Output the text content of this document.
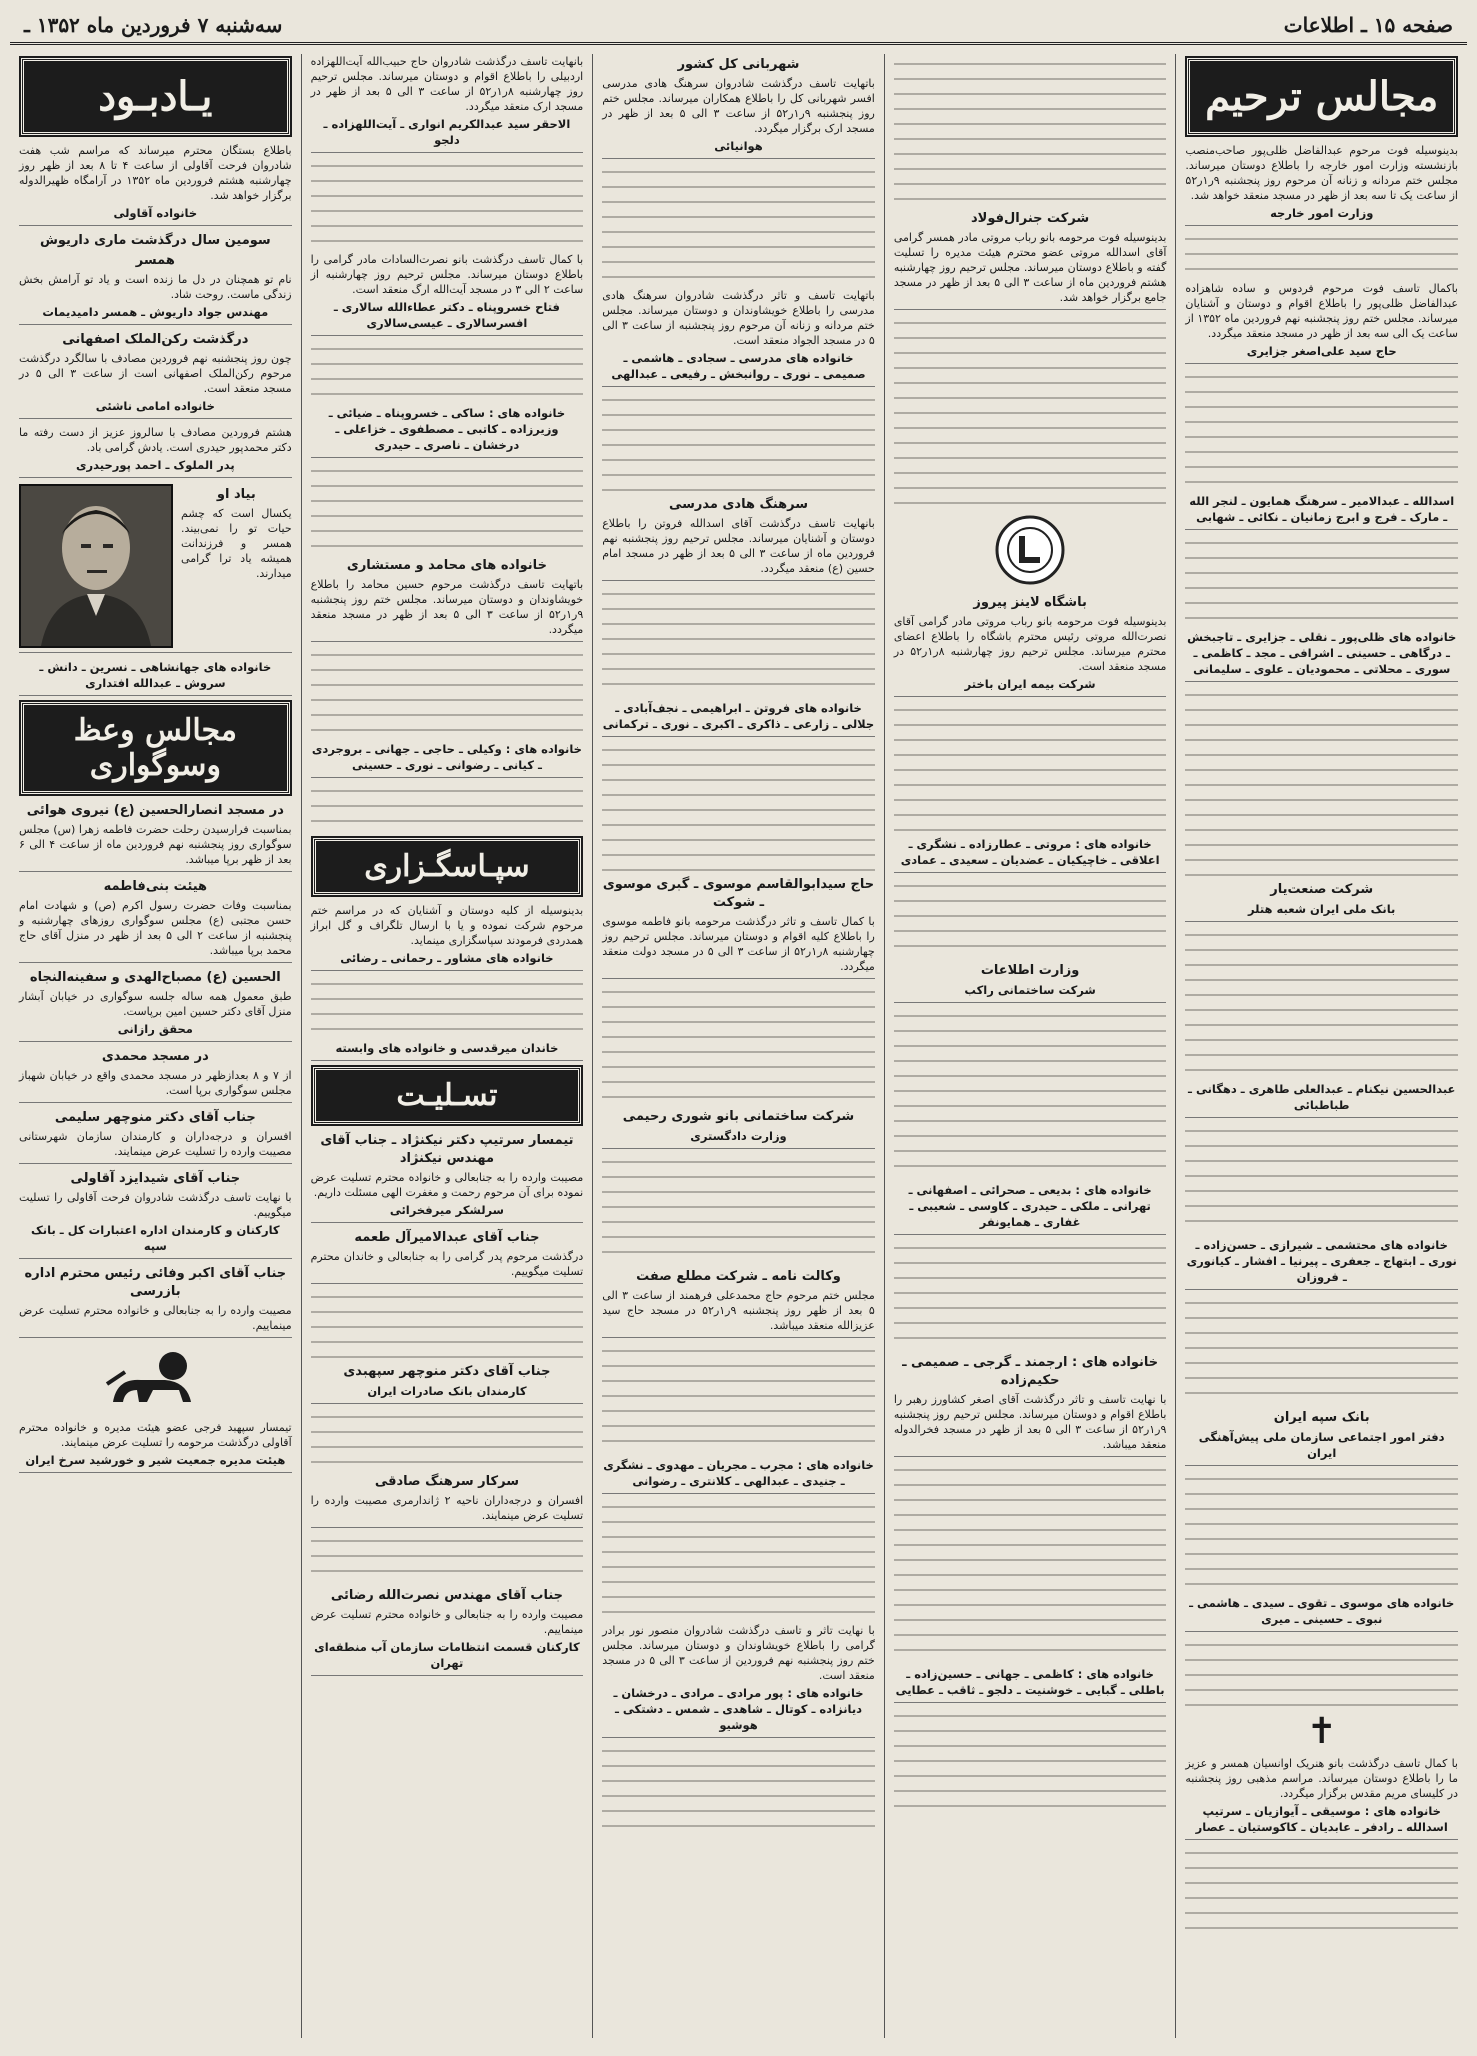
صفحه ۱۵ ـ اطلاعات
سه‌شنبه ۷ فروردین ماه ۱۳۵۲ ـ
مجالس ترحیم
بدینوسیله فوت مرحوم عبدالفاضل ظلی‌پور صاحب‌منصب بازنشسته وزارت امور خارجه را باطلاع دوستان میرساند. مجلس ختم مردانه و زنانه آن مرحوم روز پنجشنبه ۹ر۱ر۵۲ از ساعت یک تا سه بعد از ظهر در مسجد منعقد خواهد شد.
وزارت امور خارجه
باکمال تاسف فوت مرحوم فردوس و ساده شاهزاده عبدالفاضل ظلی‌پور را باطلاع اقوام و دوستان و آشنایان میرساند. مجلس ختم روز پنجشنبه نهم فروردین ماه ۱۳۵۲ از ساعت یک الی سه بعد از ظهر در مسجد منعقد میگردد.
حاج سید علی‌اصغر جزایری
اسدالله ـ عبدالامیر ـ سرهنگ همایون ـ لنجر الله ـ مارک ـ فرج و ابرج زمانیان ـ نکائی ـ شهابی
خانواده های ظلی‌پور ـ نقلی ـ جزایری ـ تاجبخش ـ درگاهی ـ حسینی ـ اشرافی ـ مجد ـ کاظمی ـ سوری ـ محلاتی ـ محمودیان ـ علوی ـ سلیمانی
شرکت صنعت‌یار
بانک ملی ایران شعبه هتلر
عبدالحسین نیکنام ـ عبدالعلی طاهری ـ دهگانی ـ طباطبائی
خانواده های محتشمی ـ شیرازی ـ حسن‌زاده ـ نوری ـ ابتهاج ـ جعفری ـ پیرنیا ـ افشار ـ کیانوری ـ فروزان
بانک سپه ایران
دفتر امور اجتماعی سازمان ملی پیش‌آهنگی ایران
خانواده های موسوی ـ تقوی ـ سیدی ـ هاشمی ـ نبوی ـ حسینی ـ میری
✝
با کمال تاسف درگذشت بانو هنریک اوانسیان همسر و عزیز ما را باطلاع دوستان میرساند. مراسم مذهبی روز پنجشنبه در کلیسای مریم مقدس برگزار میگردد.
خانواده های : موسیقی ـ آیوازیان ـ سرتیپ اسدالله ـ رادفر ـ عابدیان ـ کاکوستیان ـ عصار
شرکت جنرال‌فولاد
بدینوسیله فوت مرحومه بانو رباب مروتی مادر همسر گرامی آقای اسدالله مروتی عضو محترم هیئت مدیره را تسلیت گفته و باطلاع دوستان میرساند. مجلس ترحیم روز چهارشنبه هشتم فروردین ماه از ساعت ۳ الی ۵ بعد از ظهر در مسجد جامع برگزار خواهد شد.
باشگاه لاینز پیروز
بدینوسیله فوت مرحومه بانو رباب مروتی مادر گرامی آقای نصرت‌الله مروتی رئیس محترم باشگاه را باطلاع اعضای محترم میرساند. مجلس ترحیم روز چهارشنبه ۸ر۱ر۵۲ در مسجد منعقد است.
شرکت بیمه ایران باختر
خانواده های : مروتی ـ عطارزاده ـ نشگری ـ اعلاقی ـ خاچیکیان ـ عضدیان ـ سعیدی ـ عمادی
وزارت اطلاعات
شرکت ساختمانی راکب
خانواده های : بدیعی ـ صحرائی ـ اصفهانی ـ تهرانی ـ ملکی ـ حیدری ـ کاوسی ـ شعیبی ـ غفاری ـ همایونفر
خانواده های : ارجمند ـ گرجی ـ صمیمی ـ حکیم‌زاده
با نهایت تاسف و تاثر درگذشت آقای اصغر کشاورز رهبر را باطلاع اقوام و دوستان میرساند. مجلس ترحیم روز پنجشنبه ۹ر۱ر۵۲ از ساعت ۳ الی ۵ بعد از ظهر در مسجد فخرالدوله منعقد میباشد.
خانواده های : کاظمی ـ جهانی ـ حسین‌زاده ـ باطلی ـ گبایی ـ خوشنیت ـ دلجو ـ ثاقب ـ عطایی
شهربانی کل کشور
باتهایت تاسف درگذشت شادروان سرهنگ هادی مدرسی افسر شهربانی کل را باطلاع همکاران میرساند. مجلس ختم روز پنجشنبه ۹ر۱ر۵۲ از ساعت ۳ الی ۵ بعد از ظهر در مسجد ارک برگزار میگردد.
هوانیائی
باتهایت تاسف و تاثر درگذشت شادروان سرهنگ هادی مدرسی را باطلاع خویشاوندان و دوستان میرساند. مجلس ختم مردانه و زنانه آن مرحوم روز پنجشنبه از ساعت ۳ الی ۵ در مسجد الجواد منعقد است.
خانواده های مدرسی ـ سجادی ـ هاشمی ـ صمیمی ـ نوری ـ روانبخش ـ رفیعی ـ عبدالهی
سرهنگ هادی مدرسی
بانهایت تاسف درگذشت آقای اسدالله فروتن را باطلاع دوستان و آشنایان میرساند. مجلس ترحیم روز پنجشنبه نهم فروردین ماه از ساعت ۳ الی ۵ بعد از ظهر در مسجد امام حسین (ع) منعقد میگردد.
خانواده های فروتن ـ ابراهیمی ـ نجف‌آبادی ـ جلالی ـ زارعی ـ ذاکری ـ اکبری ـ نوری ـ ترکمانی
حاج سیدابوالقاسم موسوی ـ گبری موسوی ـ شوکت
با کمال تاسف و تاثر درگذشت مرحومه بانو فاطمه موسوی را باطلاع کلیه اقوام و دوستان میرساند. مجلس ترحیم روز چهارشنبه ۸ر۱ر۵۲ از ساعت ۳ الی ۵ در مسجد دولت منعقد میگردد.
شرکت ساختمانی بانو شوری رحیمی
وزارت دادگستری
وکالت نامه ـ شرکت مطلع صفت
مجلس ختم مرحوم حاج محمدعلی فرهمند از ساعت ۳ الی ۵ بعد از ظهر روز پنجشنبه ۹ر۱ر۵۲ در مسجد حاج سید عزیزالله منعقد میباشد.
خانواده های : مجرب ـ مجریان ـ مهدوی ـ نشگری ـ جنیدی ـ عبدالهی ـ کلانتری ـ رضوانی
با نهایت تاثر و تاسف درگذشت شادروان منصور نور برادر گرامی را باطلاع خویشاوندان و دوستان میرساند. مجلس ختم روز پنجشنبه نهم فروردین از ساعت ۳ الی ۵ در مسجد منعقد است.
خانواده های : پور مرادی ـ مرادی ـ درخشان ـ دیانزاده ـ کوتال ـ شاهدی ـ شمس ـ دشتکی ـ هوشیو
بانهایت تاسف درگذشت شادروان حاج حبیب‌الله آیت‌اللهزاده اردبیلی را باطلاع اقوام و دوستان میرساند. مجلس ترحیم روز چهارشنبه ۸ر۱ر۵۲ از ساعت ۳ الی ۵ بعد از ظهر در مسجد ارک منعقد میگردد.
الاحقر سید عبدالکریم انواری ـ آیت‌اللهزاده ـ دلجو
با کمال تاسف درگذشت بانو نصرت‌السادات مادر گرامی را باطلاع دوستان میرساند. مجلس ترحیم روز چهارشنبه از ساعت ۲ الی ۳ در مسجد آیت‌الله ارگ منعقد است.
فتاح خسروپناه ـ دکتر عطاءالله سالاری ـ افسرسالاری ـ عیسی‌سالاری
خانواده های : ساکی ـ خسروپناه ـ ضیائی ـ وزیرزاده ـ کاتبی ـ مصطفوی ـ خزاعلی ـ درخشان ـ ناصری ـ حیدری
خانواده های محامد و مستشاری
باتهایت تاسف درگذشت مرحوم حسین محامد را باطلاع خویشاوندان و دوستان میرساند. مجلس ختم روز پنجشنبه ۹ر۱ر۵۲ از ساعت ۳ الی ۵ بعد از ظهر در مسجد منعقد میگردد.
خانواده های : وکیلی ـ حاجی ـ جهانی ـ بروجردی ـ کیانی ـ رضوانی ـ نوری ـ حسینی
سپـاسگـزاری
بدینوسیله از کلیه دوستان و آشنایان که در مراسم ختم مرحوم شرکت نموده و یا با ارسال تلگراف و گل ابراز همدردی فرمودند سپاسگزاری مینماید.
خانواده های مشاور ـ رحمانی ـ رضائی
خاندان میرقدسی و خانواده های وابسته
تسـلیـت
تیمسار سرتیپ دکتر نیکنژاد ـ جناب آقای مهندس نیکنژاد
مصیبت وارده را به جنابعالی و خانواده محترم تسلیت عرض نموده برای آن مرحوم رحمت و مغفرت الهی مسئلت داریم.
سرلشکر میرفخرائی
جناب آقای عبدالامیرآل طعمه
درگذشت مرحوم پدر گرامی را به جنابعالی و خاندان محترم تسلیت میگوییم.
جناب آقای دکتر منوچهر سپهبدی
کارمندان بانک صادرات ایران
سرکار سرهنگ صادقی
افسران و درجه‌داران ناحیه ۲ ژاندارمری مصیبت وارده را تسلیت عرض مینمایند.
جناب آقای مهندس نصرت‌الله رضائی
مصیبت وارده را به جنابعالی و خانواده محترم تسلیت عرض مینماییم.
کارکنان قسمت انتظامات سازمان آب منطقه‌ای تهران
یـادبـود
باطلاع بستگان محترم میرساند که مراسم شب هفت شادروان فرحت آقاولی از ساعت ۴ تا ۸ بعد از ظهر روز چهارشنبه هشتم فروردین ماه ۱۳۵۲ در آرامگاه ظهیرالدوله برگزار خواهد شد.
خانواده آقاولی
سومین سال درگذشت ماری داریوش
همسر
نام تو همچنان در دل ما زنده است و یاد تو آرامش بخش زندگی ماست. روحت شاد.
مهندس جواد داریوش ـ همسر دامیدیمات
درگذشت رکن‌الملک اصفهانی
چون روز پنجشنبه نهم فروردین مصادف با سالگرد درگذشت مرحوم رکن‌الملک اصفهانی است از ساعت ۳ الی ۵ در مسجد منعقد است.
خانواده امامی ناشئی
هشتم فروردین مصادف با سالروز عزیز از دست رفته ما دکتر محمدپور حیدری است. یادش گرامی باد.
پدر الملوک ـ احمد پورحیدری
بیاد او
یکسال است که چشم حیات تو را نمی‌بیند. همسر و فرزندانت همیشه یاد ترا گرامی میدارند.
خانواده های جهانشاهی ـ نسرین ـ دانش ـ سروش ـ عبدالله افتداری
مجالس وعظ وسوگواری
در مسجد انصارالحسین (ع) نیروی هوائی
بمناسبت فرارسیدن رحلت حضرت فاطمه زهرا (س) مجلس سوگواری روز پنجشنبه نهم فروردین ماه از ساعت ۴ الی ۶ بعد از ظهر برپا میباشد.
هیئت بنی‌فاطمه
بمناسبت وفات حضرت رسول اکرم (ص) و شهادت امام حسن مجتبی (ع) مجلس سوگواری روزهای چهارشنبه و پنجشنبه از ساعت ۲ الی ۵ بعد از ظهر در منزل آقای حاج محمد برپا میباشد.
الحسین (ع) مصباح‌الهدی و سفینه‌النجاه
طبق معمول همه ساله جلسه سوگواری در خیابان آبشار منزل آقای دکتر حسین امین برپاست.
محقق رازانی
در مسجد محمدی
از ۷ و ۸ بعدازظهر در مسجد محمدی واقع در خیابان شهباز مجلس سوگواری برپا است.
جناب آقای دکتر منوچهر سلیمی
افسران و درجه‌داران و کارمندان سازمان شهرستانی مصیبت وارده را تسلیت عرض مینمایند.
جناب آقای شیدایزد آقاولی
با نهایت تاسف درگذشت شادروان فرحت آقاولی را تسلیت میگوییم.
کارکنان و کارمندان اداره اعتبارات کل ـ بانک سپه
جناب آقای اکبر وفائی رئیس محترم اداره بازرسی
مصیبت وارده را به جنابعالی و خانواده محترم تسلیت عرض مینماییم.
تیمسار سپهبد فرجی عضو هیئت مدیره و خانواده محترم آقاولی درگذشت مرحومه را تسلیت عرض مینمایند.
هیئت مدیره جمعیت شیر و خورشید سرخ ایران
